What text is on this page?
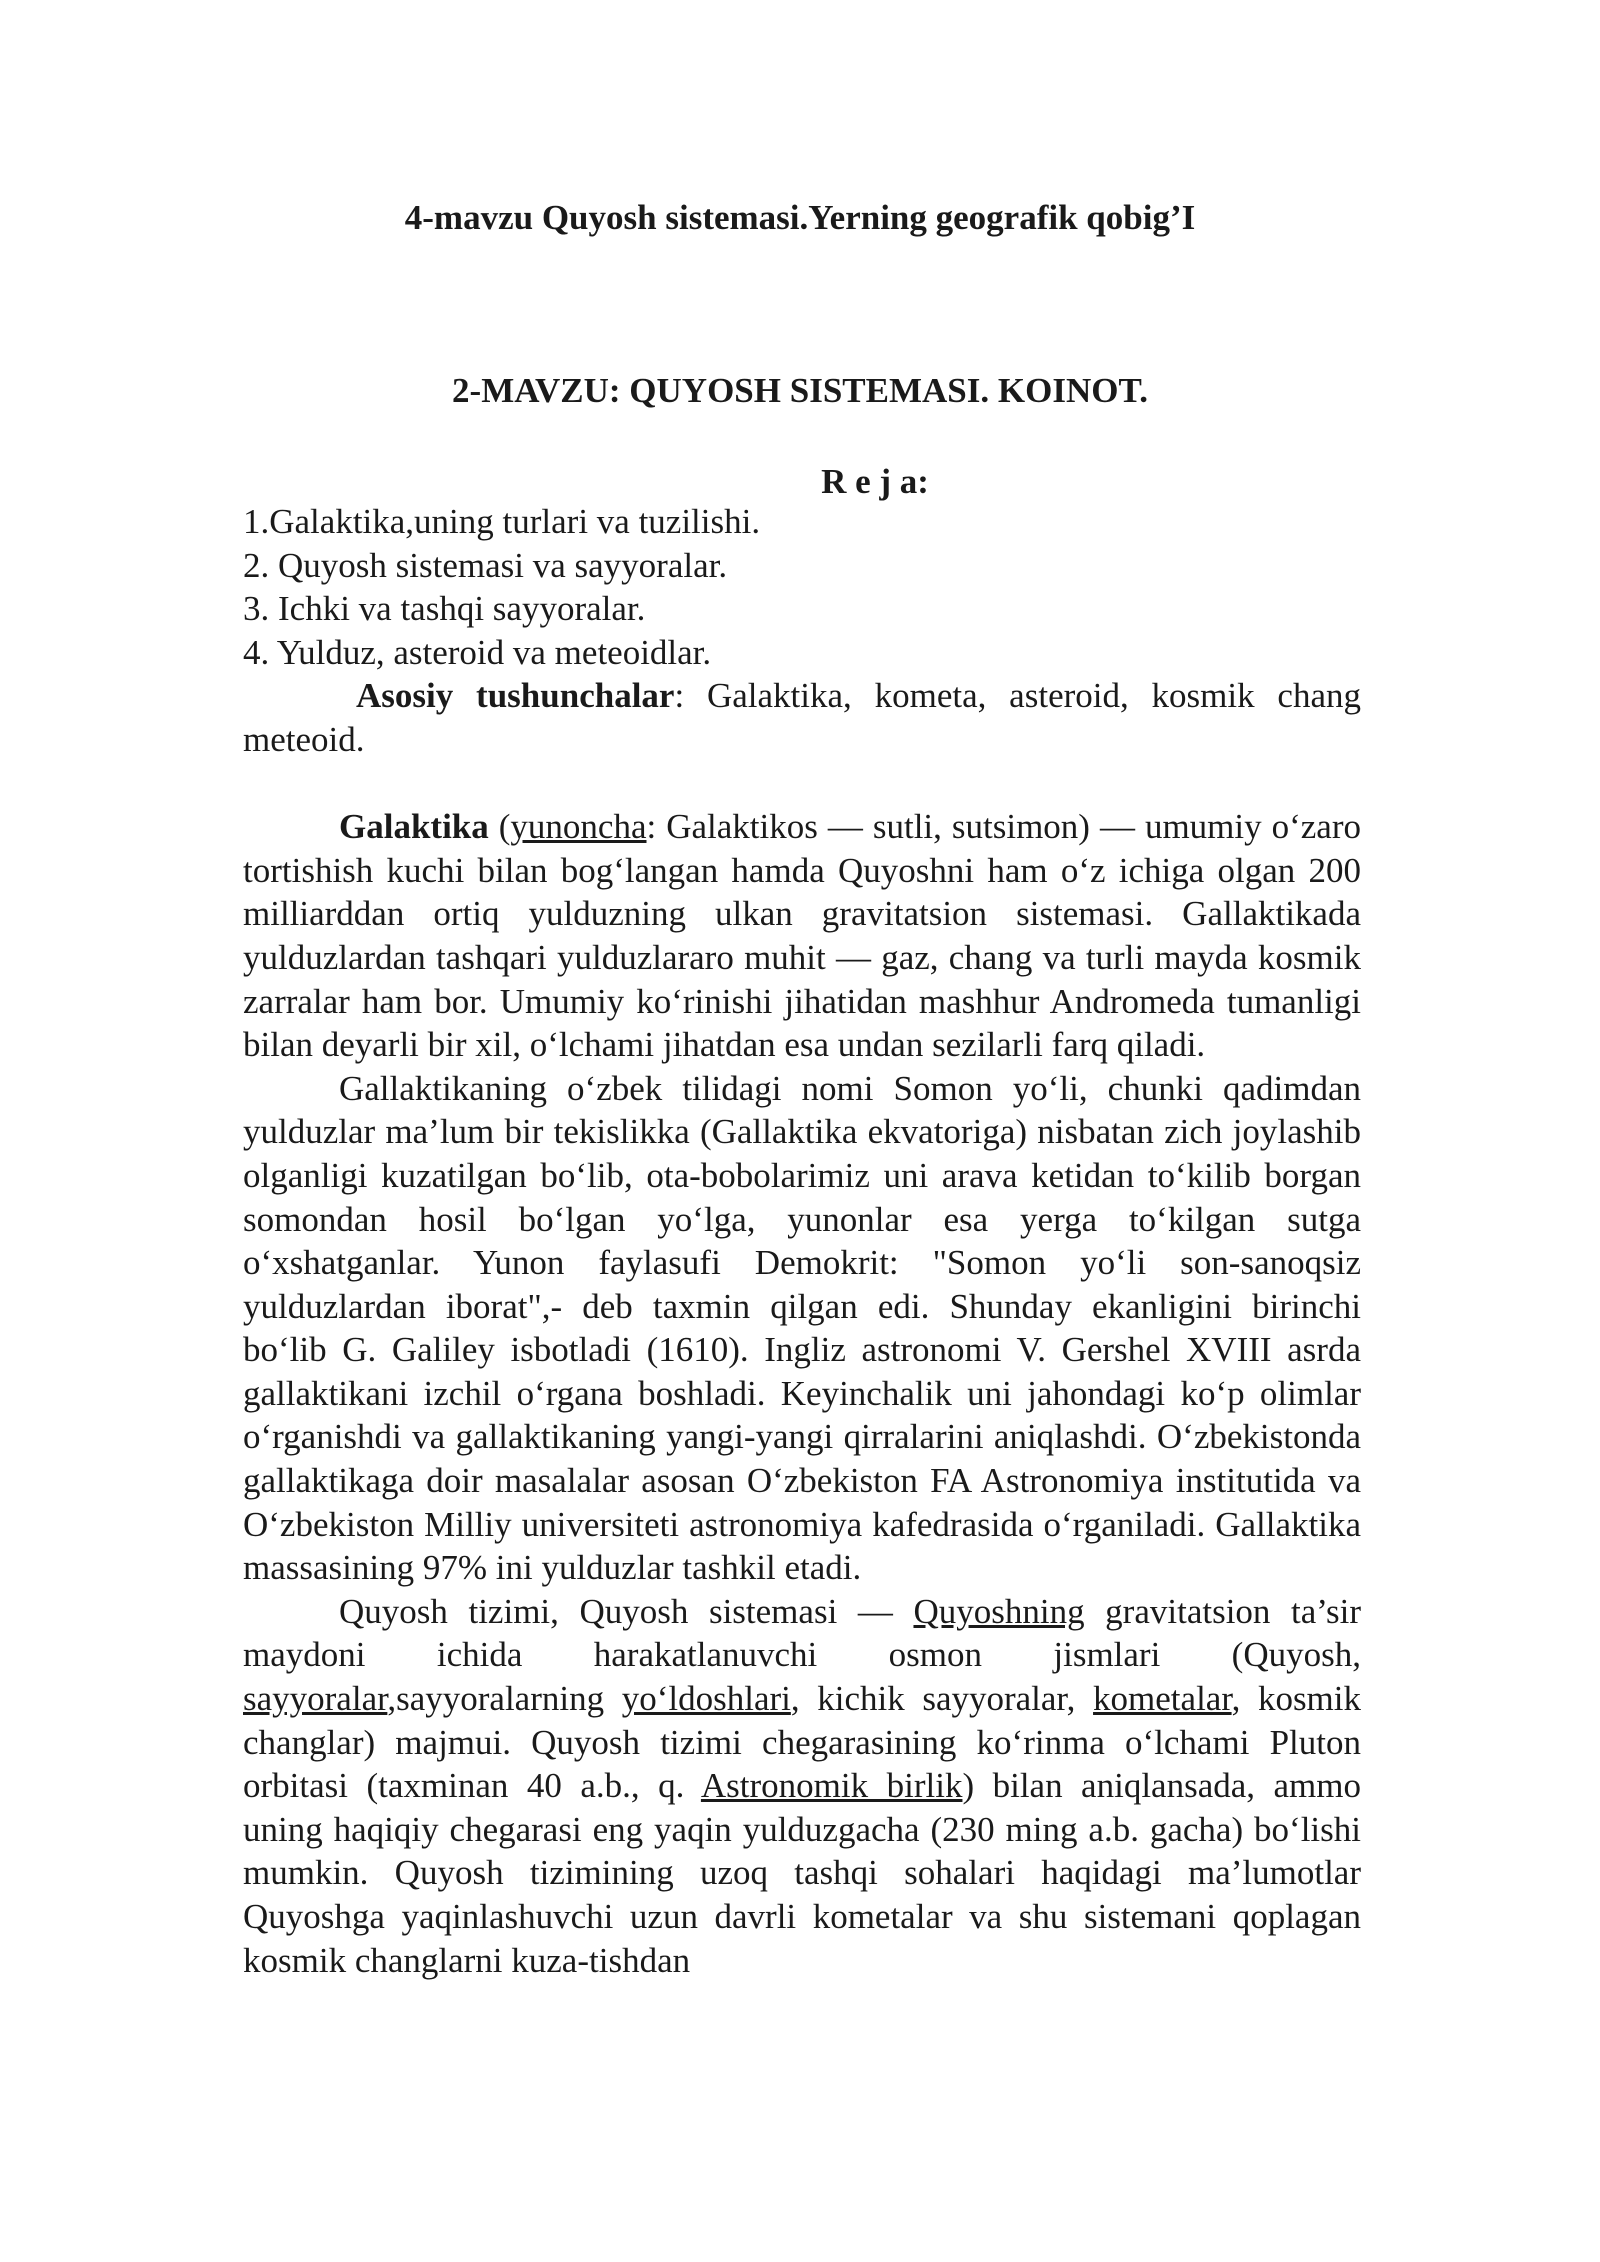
4-mavzu Quyosh sistemasi.Yerning geografik qobig’I
2-MAVZU: QUYOSH SISTEMASI. KOINOT.
R e j a:
1.Galaktika,uning turlari va tuzilishi.
2. Quyosh sistemasi va sayyoralar.
3. Ichki va tashqi sayyoralar.
4. Yulduz, asteroid va meteoidlar.

Asosiy tushunchalar: Galaktika, kometa, asteroid, kosmik chang meteoid.

Galaktika (yunoncha: Galaktikos — sutli, sutsimon) — umumiy o‘zaro tortishish kuchi bilan bog‘langan hamda Quyoshni ham o‘z ichiga olgan 200 milliarddan ortiq yulduzning ulkan gravitatsion sistemasi. Gallaktikada yulduzlardan tashqari yulduzlararo muhit — gaz, chang va turli mayda kosmik zarralar ham bor. Umumiy ko‘rinishi jihatidan mashhur Andromeda tumanligi bilan deyarli bir xil, o‘lchami jihatdan esa undan sezilarli farq qiladi.

Gallaktikaning o‘zbek tilidagi nomi Somon yo‘li, chunki qadimdan yulduzlar ma’lum bir tekislikka (Gallaktika ekvatoriga) nisbatan zich joylashib olganligi kuzatilgan bo‘lib, ota-bobolarimiz uni arava ketidan to‘kilib borgan somondan hosil bo‘lgan yo‘lga, yunonlar esa yerga to‘kilgan sutga o‘xshatganlar. Yunon faylasufi Demokrit: "Somon yo‘li son-sanoqsiz yulduzlardan iborat",- deb taxmin qilgan edi. Shunday ekanligini birinchi bo‘lib G. Galiley isbotladi (1610). Ingliz astronomi V. Gershel XVIII asrda gallaktikani izchil o‘rgana boshladi. Keyinchalik uni jahondagi ko‘p olimlar o‘rganishdi va gallaktikaning yangi-yangi qirralarini aniqlashdi. O‘zbekistonda gallaktikaga doir masalalar asosan O‘zbekiston FA Astronomiya institutida va O‘zbekiston Milliy universiteti astronomiya kafedrasida o‘rganiladi. Gallaktika massasining 97% ini yulduzlar tashkil etadi.

Quyosh tizimi, Quyosh sistemasi — Quyoshning gravitatsion ta’sir maydoni ichida harakatlanuvchi osmon jismlari (Quyosh, sayyoralar,sayyoralarning yo‘ldoshlari, kichik sayyoralar, kometalar, kosmik changlar) majmui. Quyosh tizimi chegarasining ko‘rinma o‘lchami Pluton orbitasi (taxminan 40 a.b., q. Astronomik birlik) bilan aniqlansada, ammo uning haqiqiy chegarasi eng yaqin yulduzgacha (230 ming a.b. gacha) bo‘lishi mumkin. Quyosh tizimining uzoq tashqi sohalari haqidagi ma’lumotlar Quyoshga yaqinlashuvchi uzun davrli kometalar va shu sistemani qoplagan kosmik changlarni kuza-tishdan
